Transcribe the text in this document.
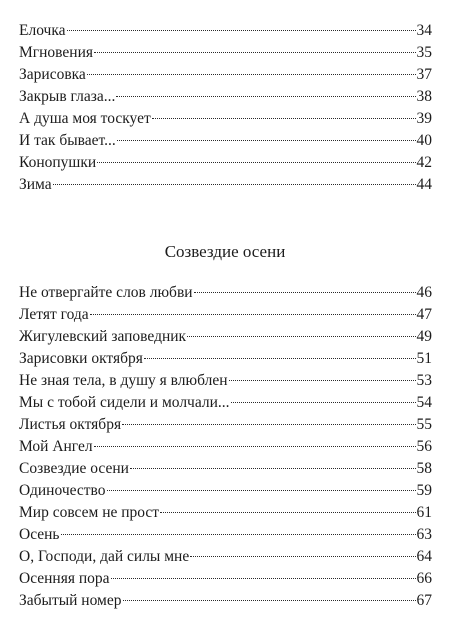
Елочка	34
Мгновения	35
Зарисовка	37
Закрыв глаза...	38
А душа моя тоскует	39
И так бывает...	40
Конопушки	42
Зима	44
Созвездие осени
Не отвергайте слов любви	46
Летят года	47
Жигулевский заповедник	49
Зарисовки октября	51
Не зная тела, в душу я влюблен	53
Мы с тобой сидели и молчали...	54
Листья октября	55
Мой Ангел	56
Созвездие осени	58
Одиночество	59
Мир совсем не прост	61
Осень	63
О, Господи, дай силы мне	64
Осенняя пора	66
Забытый номер	67
